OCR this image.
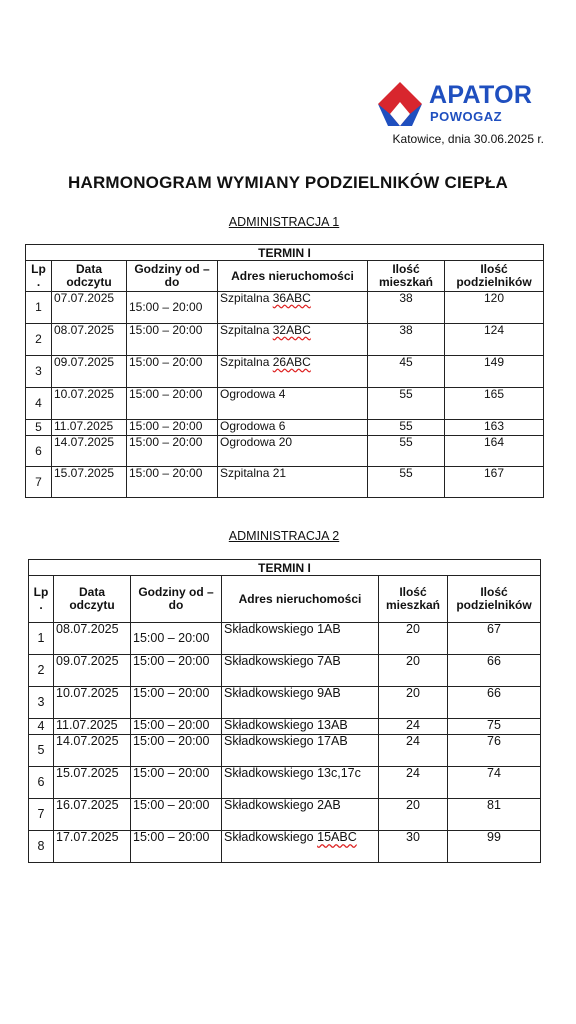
APATOR
POWOGAZ
Katowice, dnia 30.06.2025 r.
HARMONOGRAM WYMIANY PODZIELNIKÓW CIEPŁA
ADMINISTRACJA 1
TERMIN I					
Lp .	Data odczytu	Godziny od – do	Adres nieruchomości	Ilość mieszkań	Ilość podzielników
1	07.07.2025	15:00 – 20:00	Szpitalna 36ABC	38	120
2	08.07.2025	15:00 – 20:00	Szpitalna 32ABC	38	124
3	09.07.2025	15:00 – 20:00	Szpitalna 26ABC	45	149
4	10.07.2025	15:00 – 20:00	Ogrodowa 4	55	165
5	11.07.2025	15:00 – 20:00	Ogrodowa 6	55	163
6	14.07.2025	15:00 – 20:00	Ogrodowa 20	55	164
7	15.07.2025	15:00 – 20:00	Szpitalna 21	55	167
ADMINISTRACJA 2
TERMIN I					
Lp .	Data odczytu	Godziny od – do	Adres nieruchomości	Ilość mieszkań	Ilość podzielników
1	08.07.2025	15:00 – 20:00	Składkowskiego 1AB	20	67
2	09.07.2025	15:00 – 20:00	Składkowskiego 7AB	20	66
3	10.07.2025	15:00 – 20:00	Składkowskiego 9AB	20	66
4	11.07.2025	15:00 – 20:00	Składkowskiego 13AB	24	75
5	14.07.2025	15:00 – 20:00	Składkowskiego 17AB	24	76
6	15.07.2025	15:00 – 20:00	Składkowskiego 13c,17c	24	74
7	16.07.2025	15:00 – 20:00	Składkowskiego 2AB	20	81
8	17.07.2025	15:00 – 20:00	Składkowskiego 15ABC	30	99
